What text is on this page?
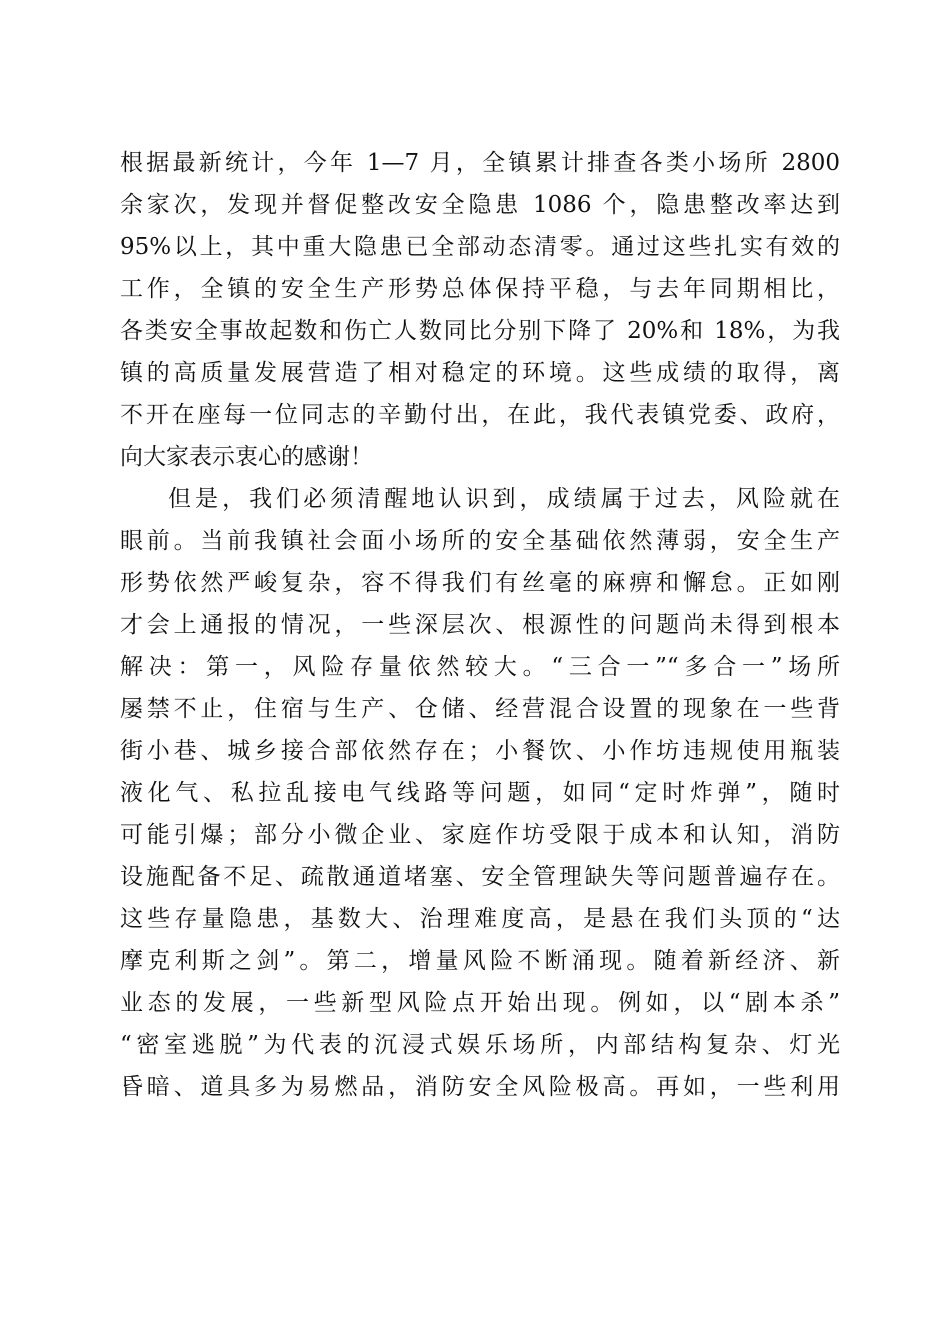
根据最新统计，今年 1—7 月，全镇累计排查各类小场所 2800
余家次，发现并督促整改安全隐患 1086 个，隐患整改率达到
95%以上，其中重大隐患已全部动态清零。通过这些扎实有效的
工作，全镇的安全生产形势总体保持平稳，与去年同期相比，
各类安全事故起数和伤亡人数同比分别下降了 20%和 18%，为我
镇的高质量发展营造了相对稳定的环境。这些成绩的取得，离
不开在座每一位同志的辛勤付出，在此，我代表镇党委、政府，
向大家表示衷心的感谢！
但是，我们必须清醒地认识到，成绩属于过去，风险就在
眼前。当前我镇社会面小场所的安全基础依然薄弱，安全生产
形势依然严峻复杂，容不得我们有丝毫的麻痹和懈怠。正如刚
才会上通报的情况，一些深层次、根源性的问题尚未得到根本
解决：第一，风险存量依然较大。“三合一”“多合一”场所
屡禁不止，住宿与生产、仓储、经营混合设置的现象在一些背
街小巷、城乡接合部依然存在；小餐饮、小作坊违规使用瓶装
液化气、私拉乱接电气线路等问题，如同“定时炸弹”，随时
可能引爆；部分小微企业、家庭作坊受限于成本和认知，消防
设施配备不足、疏散通道堵塞、安全管理缺失等问题普遍存在。
这些存量隐患，基数大、治理难度高，是悬在我们头顶的“达
摩克利斯之剑”。第二，增量风险不断涌现。随着新经济、新
业态的发展，一些新型风险点开始出现。例如，以“剧本杀”
“密室逃脱”为代表的沉浸式娱乐场所，内部结构复杂、灯光
昏暗、道具多为易燃品，消防安全风险极高。再如，一些利用
